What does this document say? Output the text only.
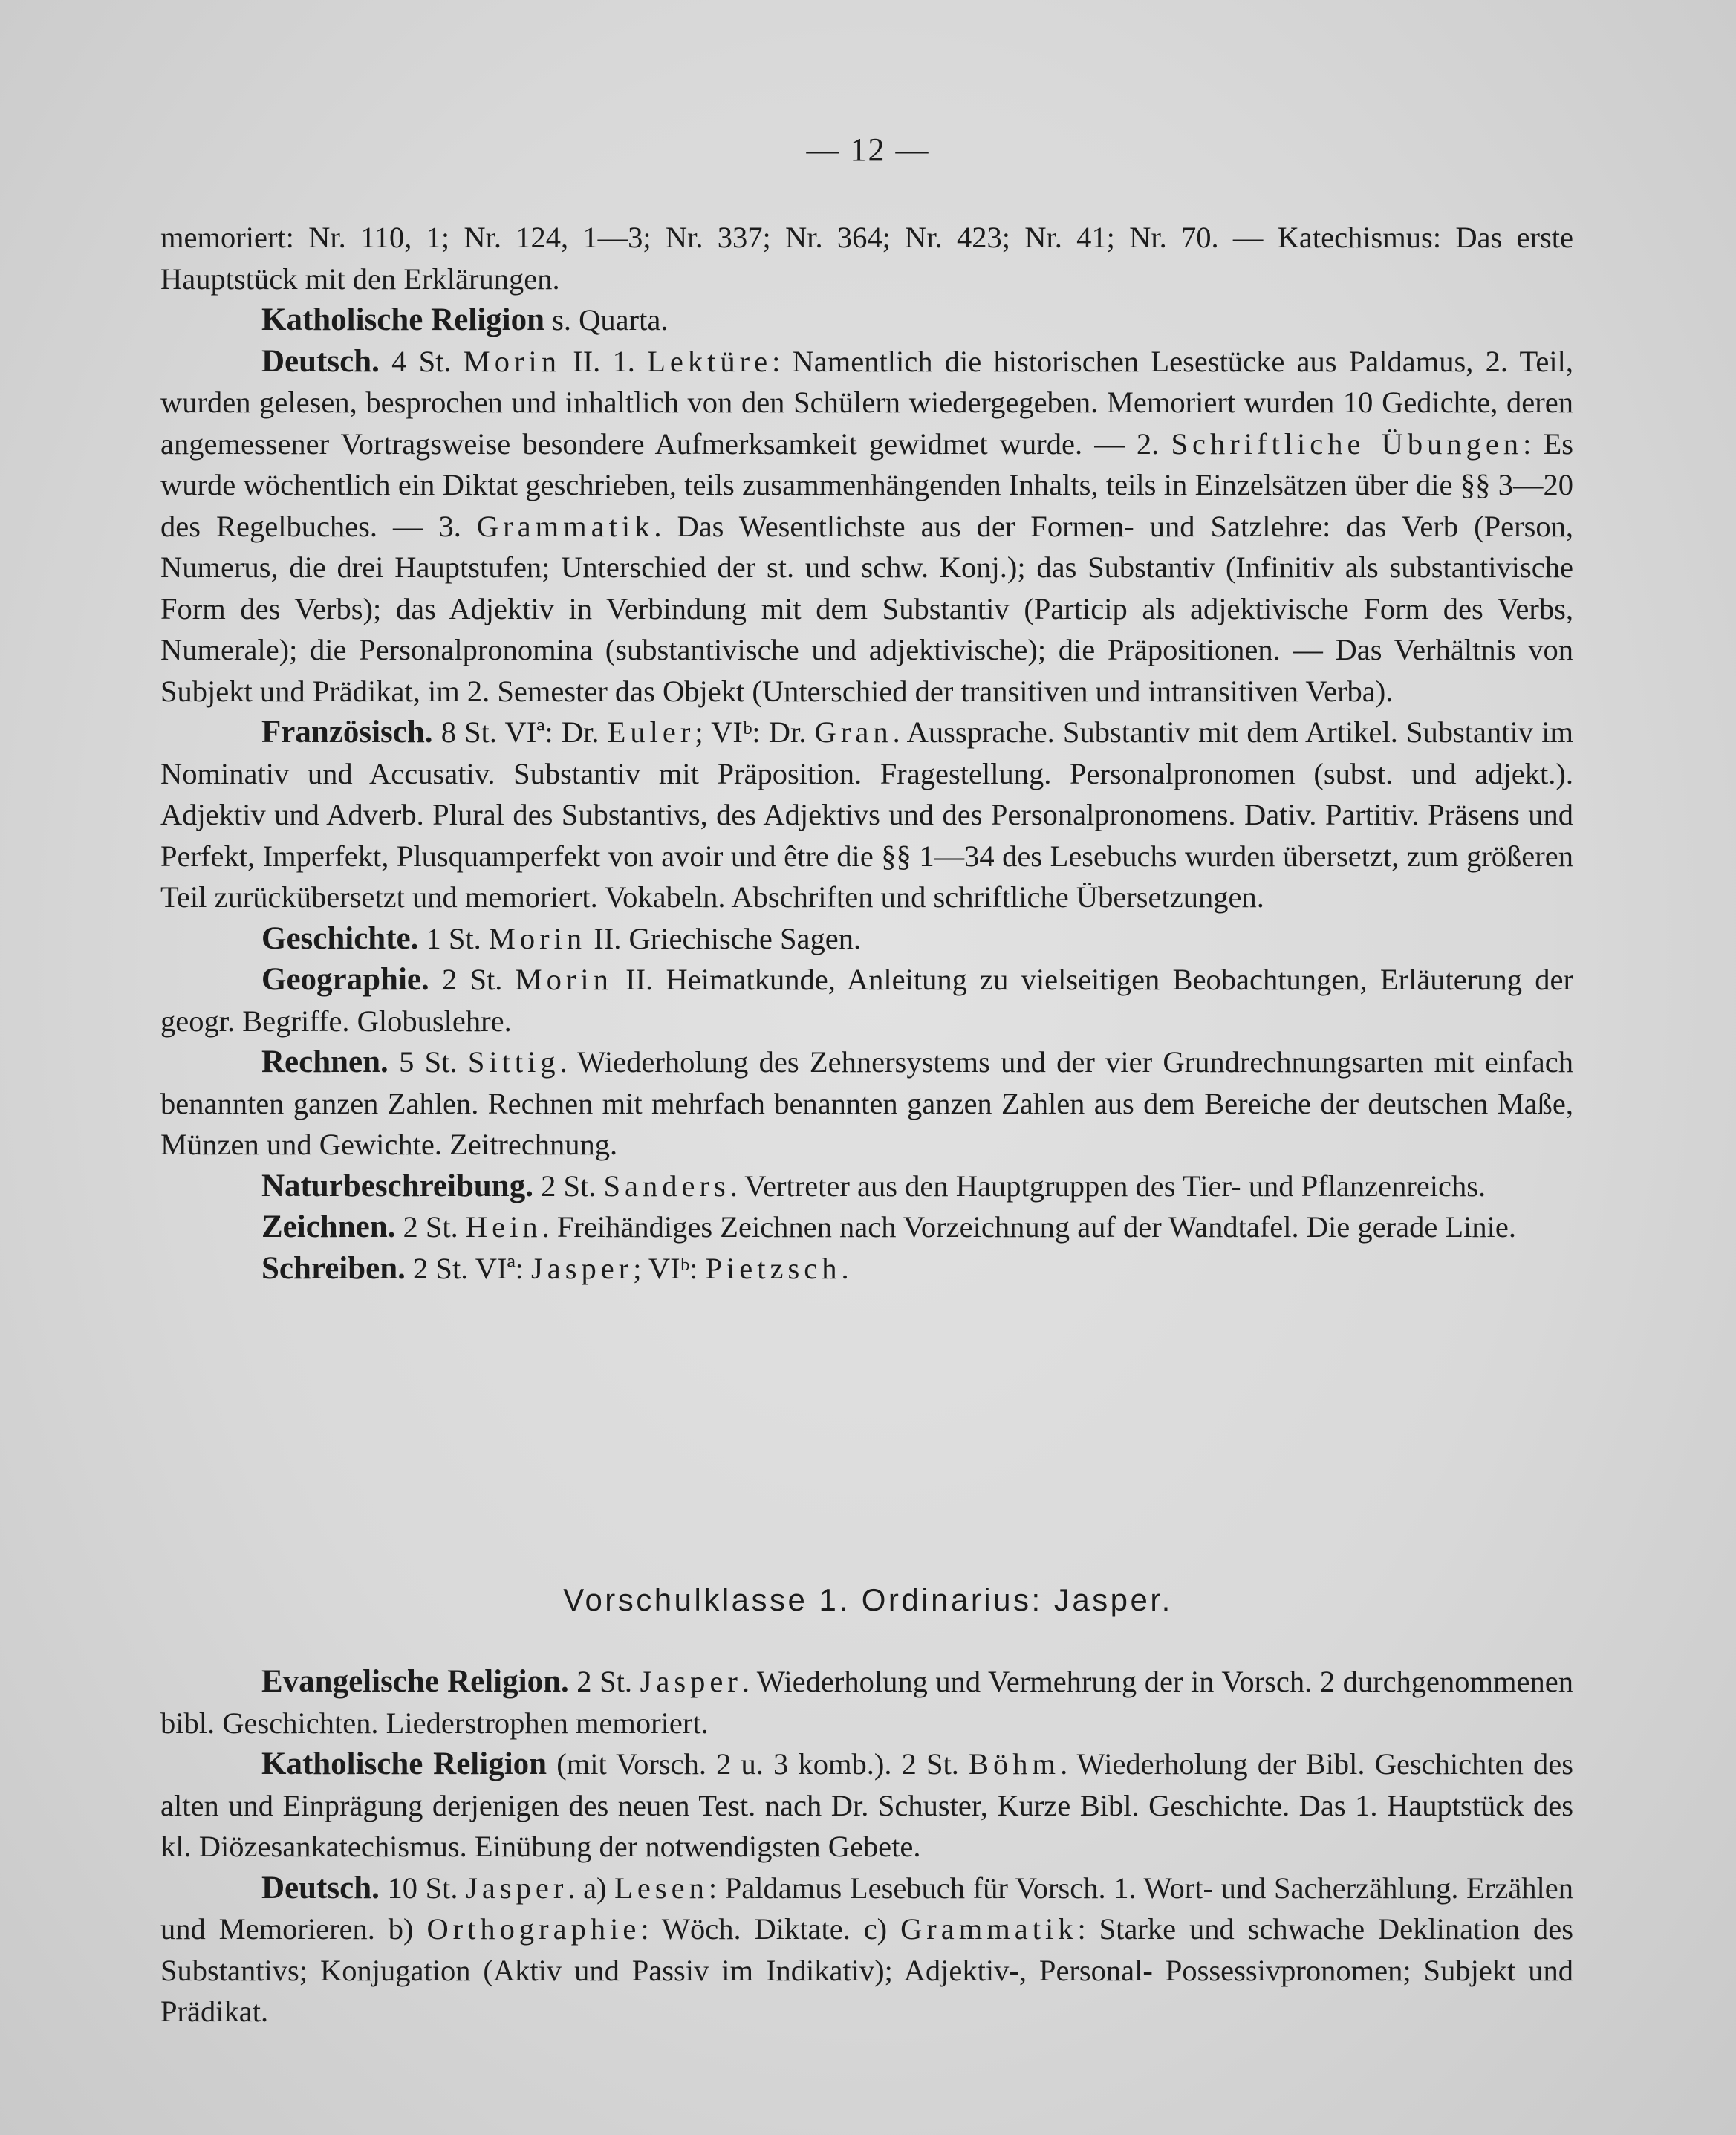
— 12 —

memoriert: Nr. 110, 1; Nr. 124, 1—3; Nr. 337; Nr. 364; Nr. 423; Nr. 41; Nr. 70. — Katechismus: Das erste Hauptstück mit den Erklärungen.

Katholische Religion s. Quarta.

Deutsch. 4 St. Morin II. 1. Lektüre: Namentlich die historischen Lesestücke aus Paldamus, 2. Teil, wurden gelesen, besprochen und inhaltlich von den Schülern wiedergegeben. Memoriert wurden 10 Gedichte, deren angemessener Vortragsweise besondere Aufmerksamkeit gewidmet wurde. — 2. Schriftliche Übungen: Es wurde wöchentlich ein Diktat geschrieben, teils zusammenhängenden Inhalts, teils in Einzelsätzen über die §§ 3—20 des Regelbuches. — 3. Grammatik. Das Wesentlichste aus der Formen- und Satzlehre: das Verb (Person, Numerus, die drei Hauptstufen; Unterschied der st. und schw. Konj.); das Substantiv (Infinitiv als substantivische Form des Verbs); das Adjektiv in Verbindung mit dem Substantiv (Particip als adjektivische Form des Verbs, Numerale); die Personalpronomina (substantivische und adjektivische); die Präpositionen. — Das Verhältnis von Subjekt und Prädikat, im 2. Semester das Objekt (Unterschied der transitiven und intransitiven Verba).

Französisch. 8 St. VIª: Dr. Euler; VIᵇ: Dr. Gran. Aussprache. Substantiv mit dem Artikel. Substantiv im Nominativ und Accusativ. Substantiv mit Präposition. Fragestellung. Personalpronomen (subst. und adjekt.). Adjektiv und Adverb. Plural des Substantivs, des Adjektivs und des Personalpronomens. Dativ. Partitiv. Präsens und Perfekt, Imperfekt, Plusquamperfekt von avoir und être die §§ 1—34 des Lesebuchs wurden übersetzt, zum größeren Teil zurückübersetzt und memoriert. Vokabeln. Abschriften und schriftliche Übersetzungen.

Geschichte. 1 St. Morin II. Griechische Sagen.

Geographie. 2 St. Morin II. Heimatkunde, Anleitung zu vielseitigen Beobachtungen, Erläuterung der geogr. Begriffe. Globuslehre.

Rechnen. 5 St. Sittig. Wiederholung des Zehnersystems und der vier Grundrechnungsarten mit einfach benannten ganzen Zahlen. Rechnen mit mehrfach benannten ganzen Zahlen aus dem Bereiche der deutschen Maße, Münzen und Gewichte. Zeitrechnung.

Naturbeschreibung. 2 St. Sanders. Vertreter aus den Hauptgruppen des Tier- und Pflanzenreichs.

Zeichnen. 2 St. Hein. Freihändiges Zeichnen nach Vorzeichnung auf der Wandtafel. Die gerade Linie.

Schreiben. 2 St. VIª: Jasper; VIᵇ: Pietzsch.

Vorschulklasse 1. Ordinarius: Jasper.

Evangelische Religion. 2 St. Jasper. Wiederholung und Vermehrung der in Vorsch. 2 durchgenommenen bibl. Geschichten. Liederstrophen memoriert.

Katholische Religion (mit Vorsch. 2 u. 3 komb.). 2 St. Böhm. Wiederholung der Bibl. Geschichten des alten und Einprägung derjenigen des neuen Test. nach Dr. Schuster, Kurze Bibl. Geschichte. Das 1. Hauptstück des kl. Diözesankatechismus. Einübung der notwendigsten Gebete.

Deutsch. 10 St. Jasper. a) Lesen: Paldamus Lesebuch für Vorsch. 1. Wort- und Sacherzählung. Erzählen und Memorieren. b) Orthographie: Wöch. Diktate. c) Grammatik: Starke und schwache Deklination des Substantivs; Konjugation (Aktiv und Passiv im Indikativ); Adjektiv-, Personal- Possessivpronomen; Subjekt und Prädikat.
